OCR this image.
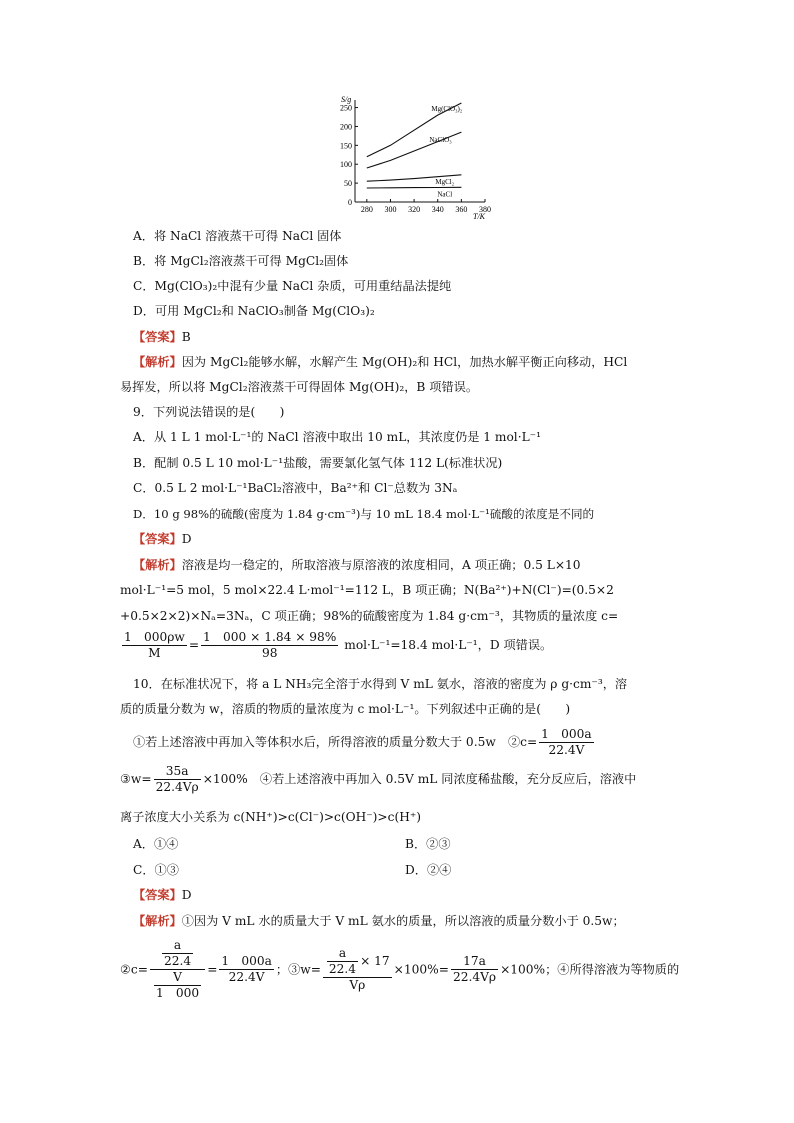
S/g
T/K
0
50
100
150
200
250
280 300 320 340 360 380
Mg(ClO₃)₂
NaClO₃
MgCl₂
NaCl
A．将 NaCl 溶液蒸干可得 NaCl 固体
B．将 MgCl₂溶液蒸干可得 MgCl₂固体
C．Mg(ClO₃)₂中混有少量 NaCl 杂质，可用重结晶法提纯
D．可用 MgCl₂和 NaClO₃制备 Mg(ClO₃)₂
【答案】B
【解析】因为 MgCl₂能够水解，水解产生 Mg(OH)₂和 HCl，加热水解平衡正向移动，HCl
易挥发，所以将 MgCl₂溶液蒸干可得固体 Mg(OH)₂，B 项错误。
9．下列说法错误的是(　　)
A．从 1 L 1 mol·L⁻¹的 NaCl 溶液中取出 10 mL，其浓度仍是 1 mol·L⁻¹
B．配制 0.5 L 10 mol·L⁻¹盐酸，需要氯化氢气体 112 L(标准状况)
C．0.5 L 2 mol·L⁻¹BaCl₂溶液中，Ba²⁺和 Cl⁻总数为 3Nₐ
D．10 g 98%的硫酸(密度为 1.84 g·cm⁻³)与 10 mL 18.4 mol·L⁻¹硫酸的浓度是不同的
【答案】D
【解析】溶液是均一稳定的，所取溶液与原溶液的浓度相同，A 项正确；0.5 L×10
mol·L⁻¹=5 mol，5 mol×22.4 L·mol⁻¹=112 L，B 项正确；N(Ba²⁺)+N(Cl⁻)=(0.5×2
+0.5×2×2)×Nₐ=3Nₐ，C 项正确；98%的硫酸密度为 1.84 g·cm⁻³，其物质的量浓度 c=
$\frac{1 000\rho w}{M} = \frac{1 000 \times 1.84 \times 98\%}{98} mol\cdot L^{-1}=18.4$ mol·L⁻¹，D 项错误。
10．在标准状况下，将 a L NH₃完全溶于水得到 V mL 氨水，溶液的密度为 ρ g·cm⁻³，溶
质的质量分数为 w，溶质的物质的量浓度为 c mol·L⁻¹。下列叙述中正确的是(　　)
①若上述溶液中再加入等体积水后，所得溶液的质量分数大于 0.5w　②c= $\frac{1 000a}{22.4V}$
③w= $\frac{35a}{22.4V\rho} \times 100\%$　④若上述溶液中再加入 0.5V mL 同浓度稀盐酸，充分反应后，溶液中
离子浓度大小关系为 c(NH⁺)>c(Cl⁻)>c(OH⁻)>c(H⁺)
A．①④	B．②③
C．①③	D．②④
【答案】D
【解析】①因为 V mL 水的质量大于 V mL 氨水的质量，所以溶液的质量分数小于 0.5w；
②c= $\frac{\frac{a}{22.4}}{\frac{V}{1 000}} = \frac{1 000a}{22.4V}$ ；③w= $\frac{\frac{a}{22.4} \times 17}{V\rho} \times 100\%= \frac{17a}{22.4V\rho} \times 100\%$；④所得溶液为等物质的
